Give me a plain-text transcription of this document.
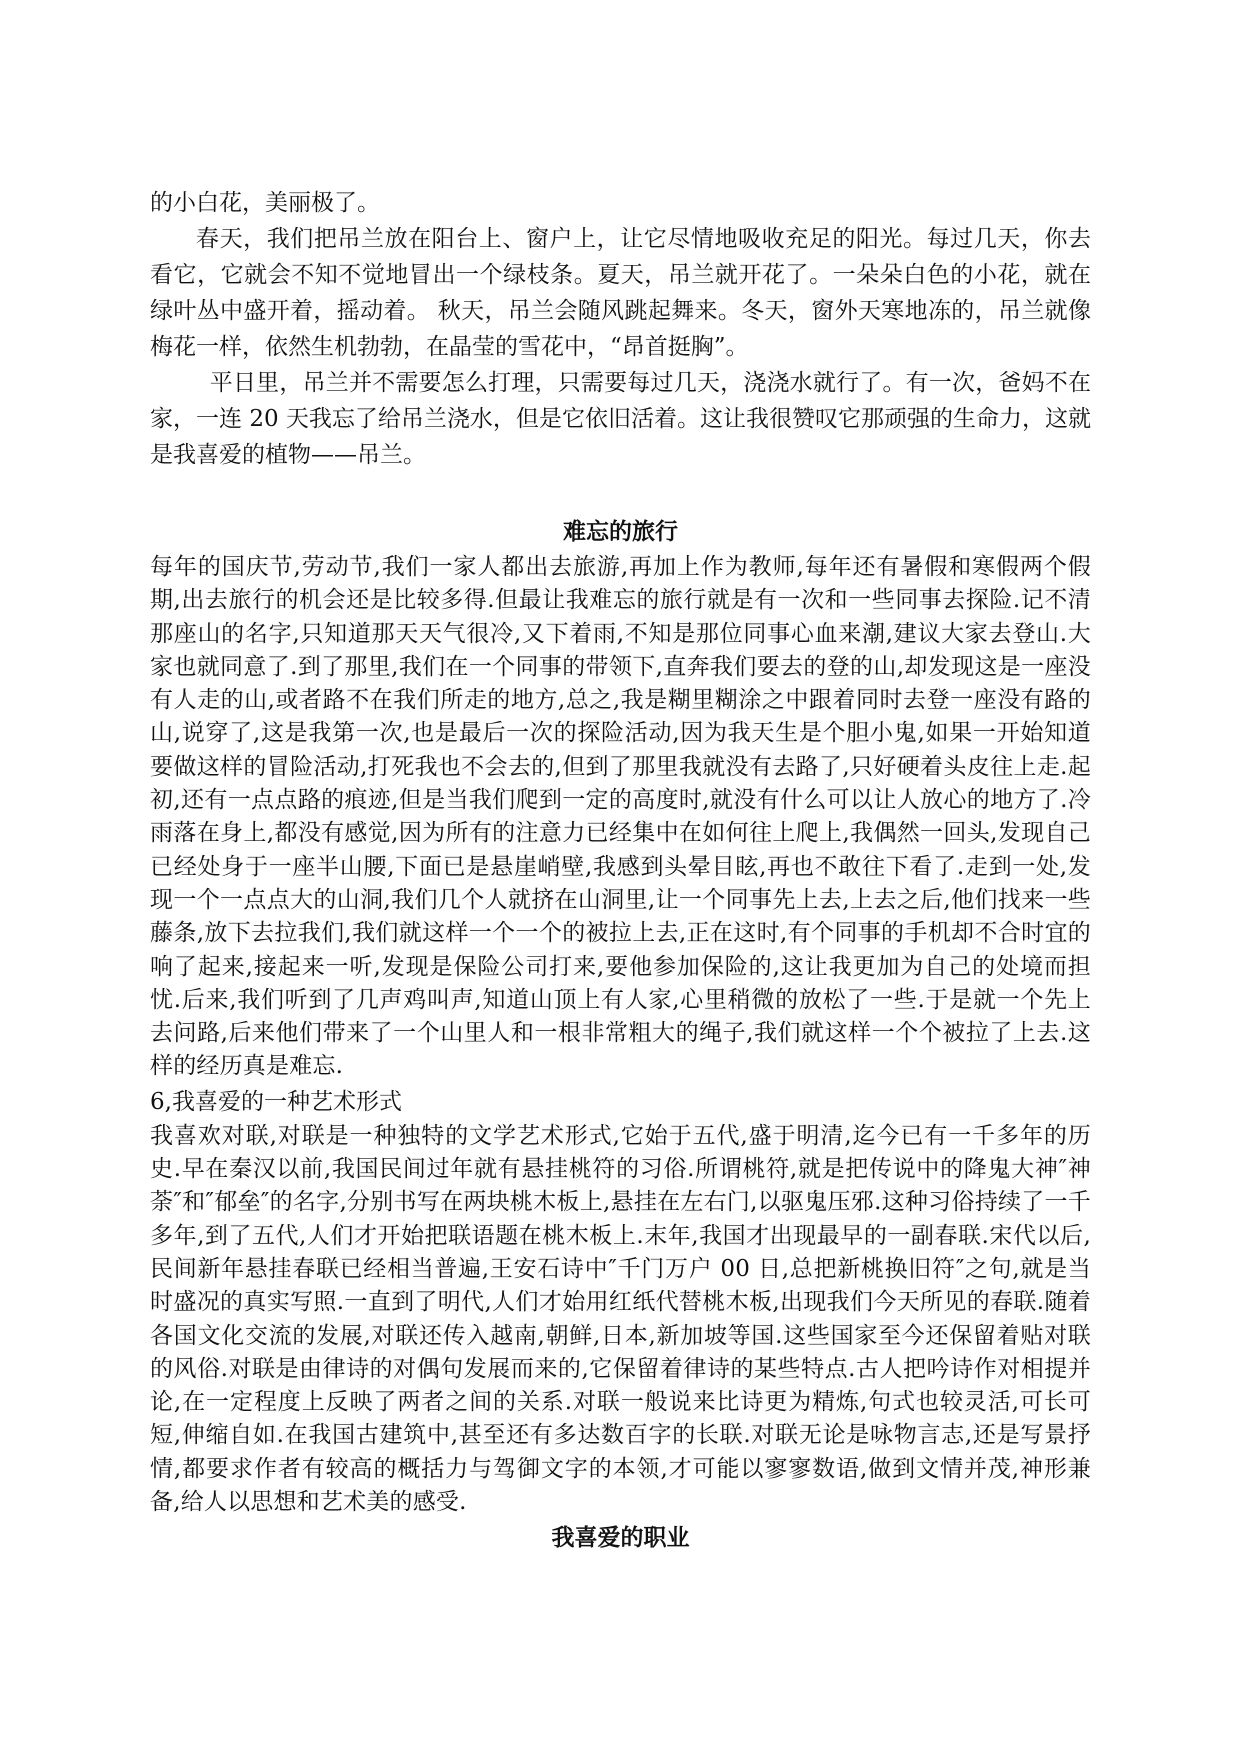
的小白花，美丽极了。

春天，我们把吊兰放在阳台上、窗户上，让它尽情地吸收充足的阳光。每过几天，你去看它，它就会不知不觉地冒出一个绿枝条。夏天，吊兰就开花了。一朵朵白色的小花，就在绿叶丛中盛开着，摇动着。 秋天，吊兰会随风跳起舞来。冬天，窗外天寒地冻的，吊兰就像梅花一样，依然生机勃勃，在晶莹的雪花中，“昂首挺胸”。

平日里，吊兰并不需要怎么打理，只需要每过几天，浇浇水就行了。有一次，爸妈不在家，一连 20 天我忘了给吊兰浇水，但是它依旧活着。这让我很赞叹它那顽强的生命力，这就是我喜爱的植物——吊兰。

难忘的旅行

每年的国庆节,劳动节,我们一家人都出去旅游,再加上作为教师,每年还有暑假和寒假两个假期,出去旅行的机会还是比较多得.但最让我难忘的旅行就是有一次和一些同事去探险.记不清那座山的名字,只知道那天天气很冷,又下着雨,不知是那位同事心血来潮,建议大家去登山.大家也就同意了.到了那里,我们在一个同事的带领下,直奔我们要去的登的山,却发现这是一座没有人走的山,或者路不在我们所走的地方,总之,我是糊里糊涂之中跟着同时去登一座没有路的山,说穿了,这是我第一次,也是最后一次的探险活动,因为我天生是个胆小鬼,如果一开始知道要做这样的冒险活动,打死我也不会去的,但到了那里我就没有去路了,只好硬着头皮往上走.起初,还有一点点路的痕迹,但是当我们爬到一定的高度时,就没有什么可以让人放心的地方了.冷雨落在身上,都没有感觉,因为所有的注意力已经集中在如何往上爬上,我偶然一回头,发现自己已经处身于一座半山腰,下面已是悬崖峭壁,我感到头晕目眩,再也不敢往下看了.走到一处,发现一个一点点大的山洞,我们几个人就挤在山洞里,让一个同事先上去,上去之后,他们找来一些藤条,放下去拉我们,我们就这样一个一个的被拉上去,正在这时,有个同事的手机却不合时宜的响了起来,接起来一听,发现是保险公司打来,要他参加保险的,这让我更加为自己的处境而担忧.后来,我们听到了几声鸡叫声,知道山顶上有人家,心里稍微的放松了一些.于是就一个先上去问路,后来他们带来了一个山里人和一根非常粗大的绳子,我们就这样一个个被拉了上去.这样的经历真是难忘.

6,我喜爱的一种艺术形式

我喜欢对联,对联是一种独特的文学艺术形式,它始于五代,盛于明清,迄今已有一千多年的历史.早在秦汉以前,我国民间过年就有悬挂桃符的习俗.所谓桃符,就是把传说中的降鬼大神″神荼″和″郁垒″的名字,分别书写在两块桃木板上,悬挂在左右门,以驱鬼压邪.这种习俗持续了一千多年,到了五代,人们才开始把联语题在桃木板上.末年,我国才出现最早的一副春联.宋代以后,民间新年悬挂春联已经相当普遍,王安石诗中″千门万户 00 日,总把新桃换旧符″之句,就是当时盛况的真实写照.一直到了明代,人们才始用红纸代替桃木板,出现我们今天所见的春联.随着各国文化交流的发展,对联还传入越南,朝鲜,日本,新加坡等国.这些国家至今还保留着贴对联的风俗.对联是由律诗的对偶句发展而来的,它保留着律诗的某些特点.古人把吟诗作对相提并论,在一定程度上反映了两者之间的关系.对联一般说来比诗更为精炼,句式也较灵活,可长可短,伸缩自如.在我国古建筑中,甚至还有多达数百字的长联.对联无论是咏物言志,还是写景抒情,都要求作者有较高的概括力与驾御文字的本领,才可能以寥寥数语,做到文情并茂,神形兼备,给人以思想和艺术美的感受.

我喜爱的职业
